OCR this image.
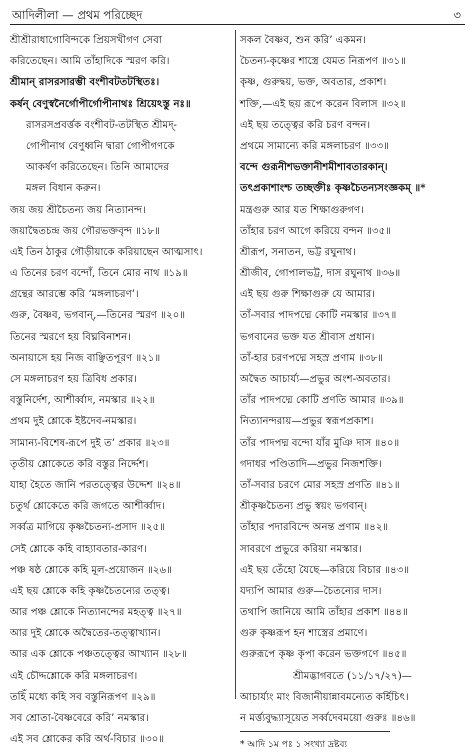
আদিলীলা — প্রথম পরিচ্ছেদ	৩
শ্রীশ্রীরাধাগোবিন্দকে প্রিয়সখীগণ সেবা
করিতেছেন। আমি তাঁহাদিকে স্মরণ করি।
শ্রীমান্ রাসরসারম্ভী বংশীবটতটস্থিতঃ।
কর্ষন্ বেণুস্বনৈর্গোপীর্গোপীনাথঃ শ্রিয়েঽস্তু নঃ॥
রাসরসপ্রবর্ত্তক বংশীবট-তটস্থিত শ্রীমদ্-
গোপীনাথ বেণুধ্বনি দ্বারা গোপীগণকে
আকর্ষণ করিতেছেন। তিনি আমাদের
মঙ্গল বিধান করুন।
জয় জয় শ্রীচৈতন্য জয় নিত্যানন্দ।
জয়াদ্বৈতচন্দ্র জয় গৌরভক্তবৃন্দ ॥১৮॥
এই তিন ঠাকুর গৌড়ীয়াকে করিয়াছেন আত্মসাৎ।
এ তিনের চরণ বন্দোঁ, তিনে মোর নাথ ॥১৯॥
গ্রন্থের আরম্ভে করি ‘মঙ্গলাচরণ’।
গুরু, বৈষ্ণব, ভগবান্,—তিনের স্মরণ ॥২০॥
তিনের স্মরণে হয় বিঘ্নবিনাশন।
অনায়াসে হয় নিজ বাঞ্ছিতপূরণ ॥২১॥
সে মঙ্গলাচরণ হয় ত্রিবিধ প্রকার।
বস্তুনির্দেশ, আশীর্ব্বাদ, নমস্কার ॥২২॥
প্রথম দুই শ্লোকে ইষ্টদেব-নমস্কার।
সামান্য-বিশেষ-রূপে দুই ত’ প্রকার ॥২৩॥
তৃতীয় শ্লোকেতে করি বস্তুর নির্দ্দেশ।
যাহা হৈতে জানি পরতত্ত্বের উদ্দেশ ॥২৪॥
চতুর্থ শ্লোকেতে করি জগতে আশীর্ব্বাদ।
সর্ব্বত্র মাগিয়ে কৃষ্ণচৈতন্য-প্রসাদ ॥২৫॥
সেই শ্লোকে কহি বাহ্যাবতার-কারণ।
পঞ্চ ষষ্ঠ শ্লোকে কহি মূল-প্রয়োজন ॥২৬॥
এই ছয় শ্লোকে কহি কৃষ্ণচৈতন্যের তত্ত্ব।
আর পঞ্চ শ্লোকে নিত্যানন্দের মহত্ত্ব ॥২৭॥
আর দুই শ্লোকে অদ্বৈতের-তত্ত্বাখ্যান।
আর এক শ্লোকে পঞ্চতত্ত্বের আখ্যান ॥২৮॥
এই চৌদ্দশ্লোকে করি মঙ্গলাচরণ।
তহিঁ মধ্যে কহি সব বস্তুনিরূপণ ॥২৯॥
সব শ্রোতা-বৈষ্ণবেরে করি’ নমস্কার।
এই সব শ্লোকের করি অর্থ-বিচার ॥৩০॥
সকল বৈষ্ণব, শুন করি’ একমন।
চৈতন্য-কৃষ্ণের শাস্ত্রে যেমত নিরূপণ ॥৩১॥
কৃষ্ণ, গুরুদ্বয়, ভক্ত, অবতার, প্রকাশ।
শক্তি,—এই ছয় রূপে করেন বিলাস ॥৩২॥
এই ছয় তত্ত্বের করি চরণ বন্দন।
প্রথমে সামান্যে করি মঙ্গলাচরণ ॥৩৩॥
বন্দে গুরূনীশভক্তানীশমীশাবতারকান্।
তৎপ্রকাশাংশ্চ তচ্ছক্তীঃ কৃষ্ণচৈতন্যসংজ্ঞকম্ ॥*
মন্ত্রগুরু আর যত শিক্ষাগুরুগণ।
তাঁহার চরণ আগে করিয়ে বন্দন ॥৩৫॥
শ্রীরূপ, সনাতন, ভট্ট রঘুনাথ।
শ্রীজীব, গোপালভট্ট, দাস রঘুনাথ ॥৩৬॥
এই ছয় গুরু শিক্ষাগুরু যে আমার।
তাঁ-সবার পাদপদ্মে কোটি নমস্কার ॥৩৭॥
ভগবানের ভক্ত যত শ্রীবাস প্রধান।
তাঁ-হার চরণপদ্মে সহস্র প্রণাম ॥৩৮॥
অদ্বৈত আচার্য্য—প্রভুর অংশ-অবতার।
তাঁর পাদপদ্মে কোটি প্রণতি আমার ॥৩৯॥
নিত্যানন্দরায়—প্রভুর স্বরূপপ্রকাশ।
তাঁর পাদপদ্ম বন্দো যাঁর মুঞি দাস ॥৪০॥
গদাধর পণ্ডিতাদি—প্রভুর নিজশক্তি।
তাঁ-সবার চরণে মোর সহস্র প্রণতি ॥৪১॥
শ্রীকৃষ্ণচৈতন্য প্রভু স্বয়ং ভগবান্।
তাঁহার পদারবিন্দে অনন্ত প্রণাম ॥৪২॥
সাবরণে প্রভুরে করিয়া নমস্কার।
এই ছয় তেঁহো যৈছে—করিয়ে বিচার ॥৪৩॥
যদ্যপি আমার গুরু—চৈতন্যের দাস।
তথাপি জানিয়ে আমি তাঁহার প্রকাশ ॥৪৪॥
গুরু কৃষ্ণরূপ হন শাস্ত্রের প্রমাণে।
গুরুরূপে কৃষ্ণ কৃপা করেন ভক্তগণে ॥৪৫॥
শ্রীমদ্ভাগবতে (১১/১৭/২৭)—
আচার্য্যং মাং বিজানীয়ান্নাবমন্যেত কর্হিচিৎ।
ন মর্ত্ত্যবুদ্ধ্যাসূয়েত সর্ব্বদেবময়ো গুরুঃ ॥৪৬॥
* আদি ১ম পঃ ১ সংখ্যা দ্রষ্টব্য
